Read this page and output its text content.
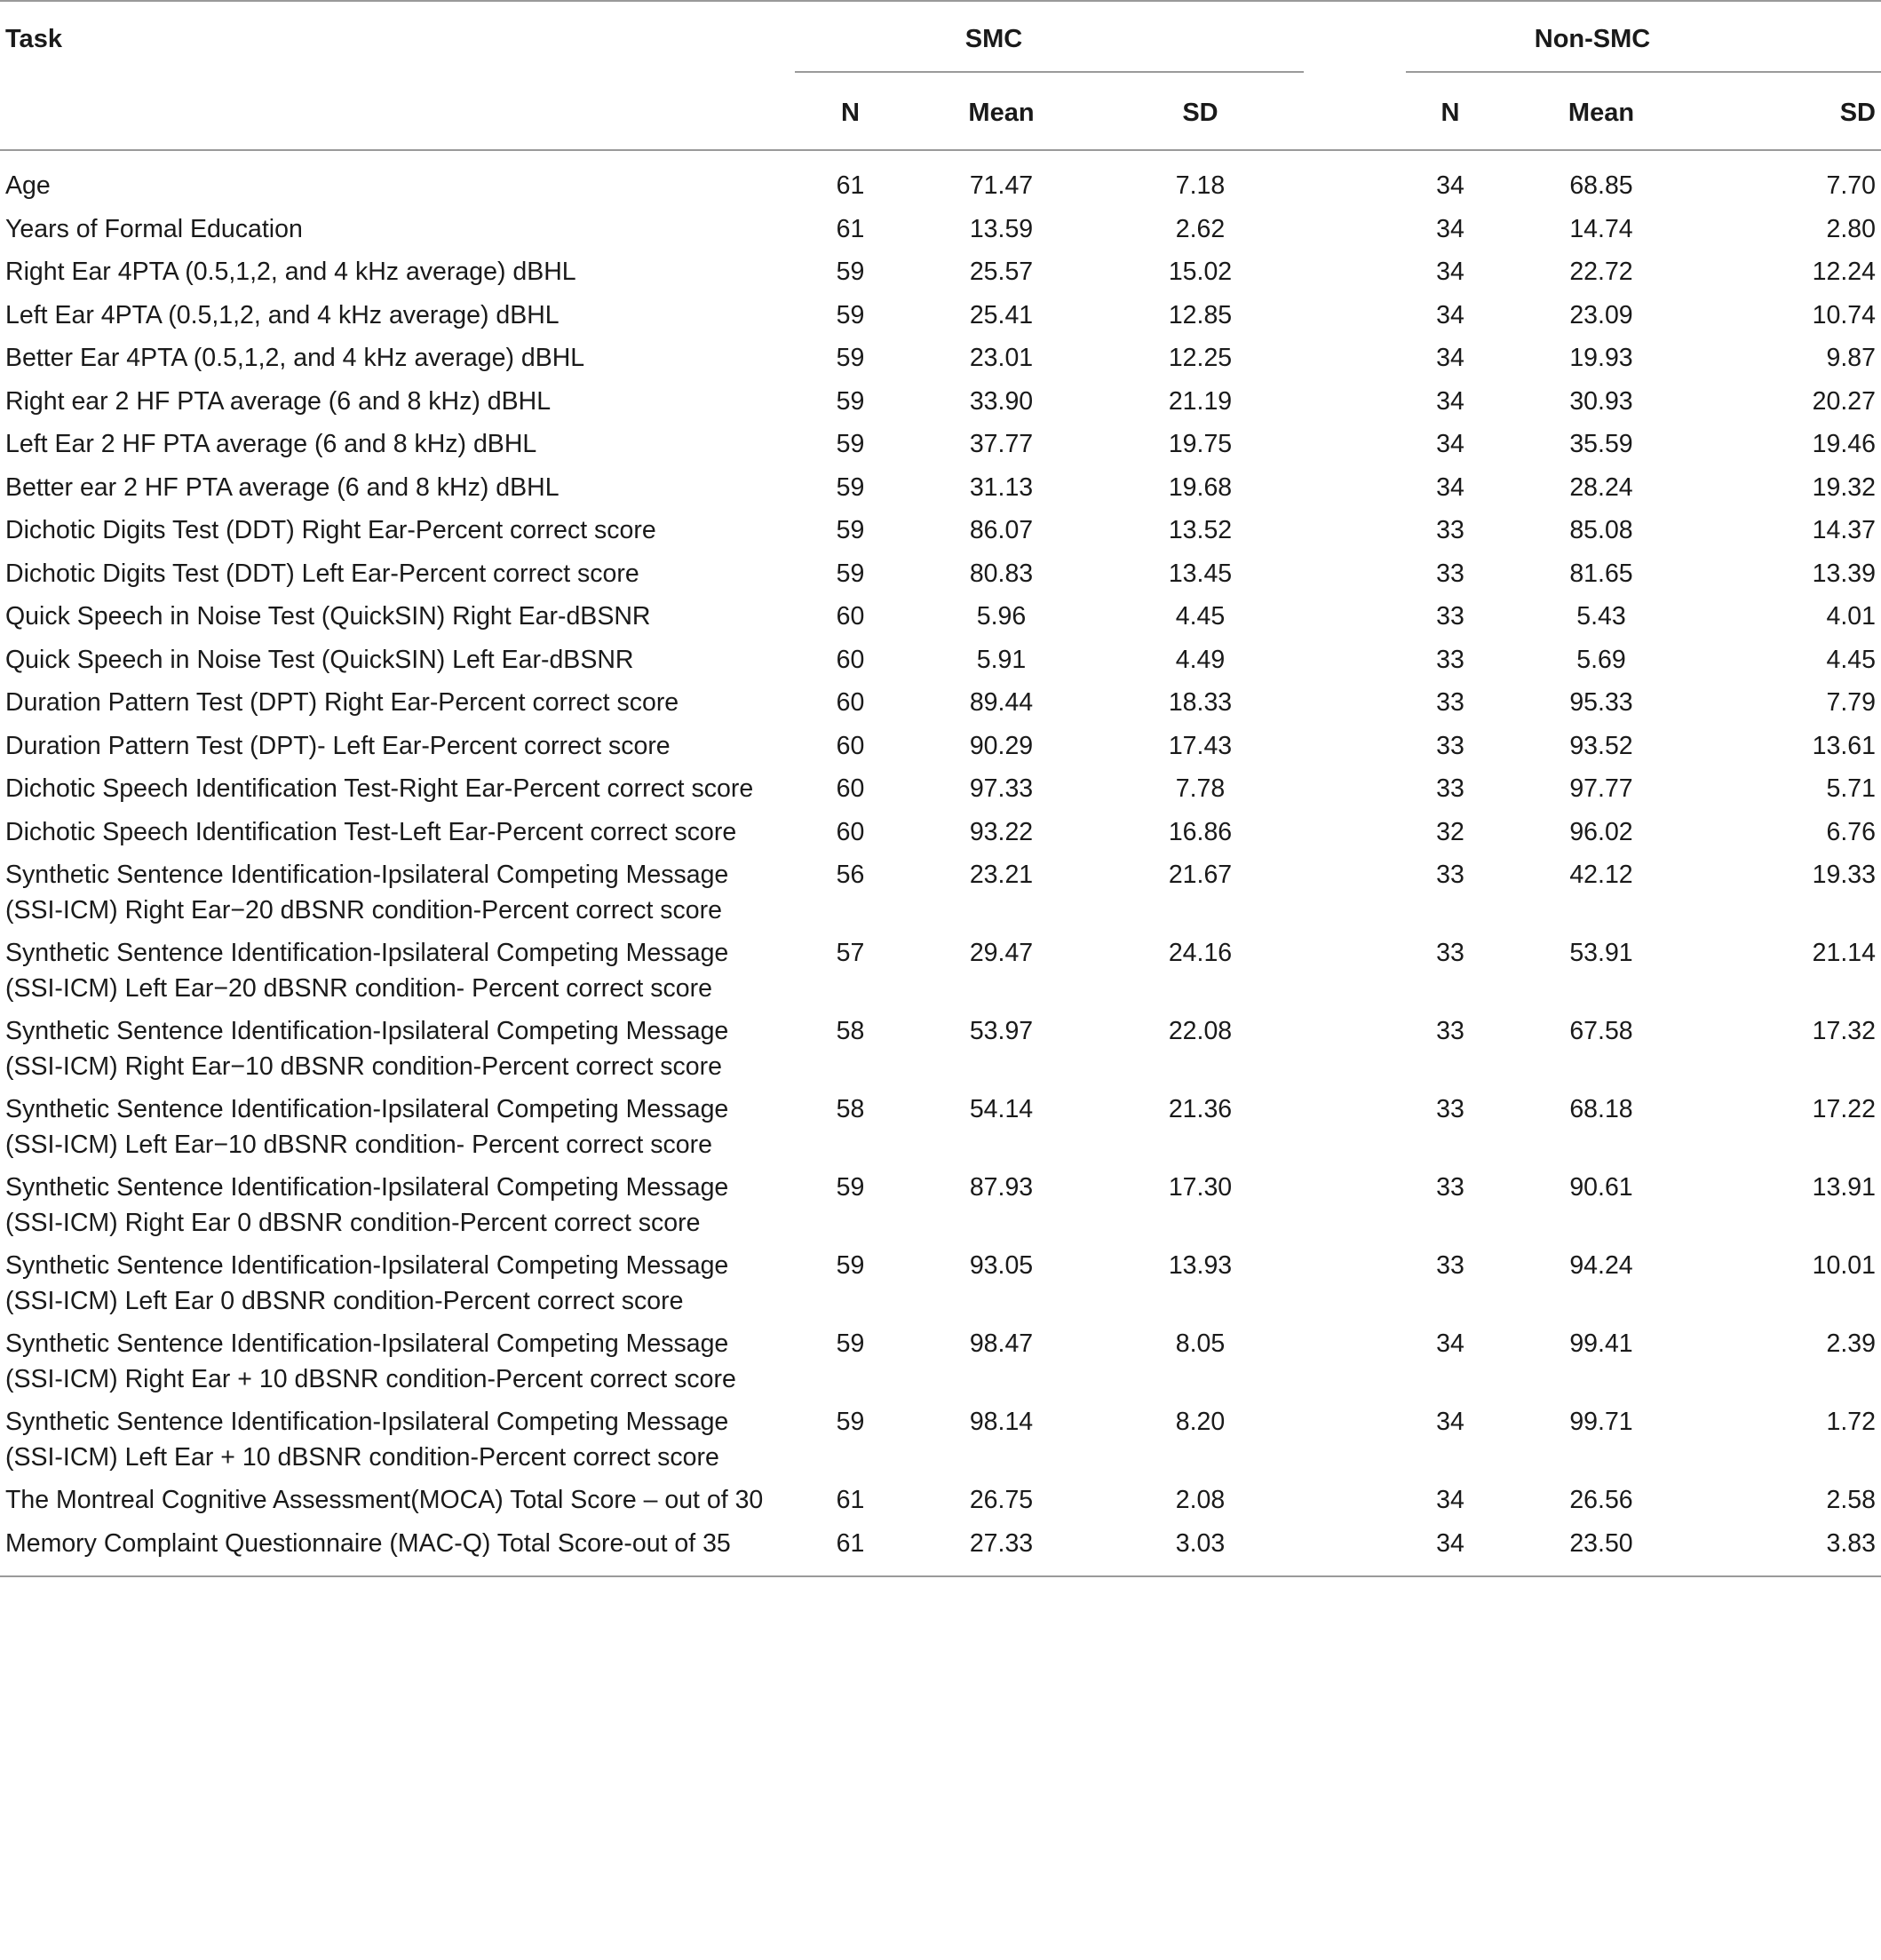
Task	SMC				Non-SMC			

		N	Mean	SD		N	Mean	SD
Age		61	71.47	7.18		34	68.85	7.70
Years of Formal Education		61	13.59	2.62		34	14.74	2.80
Right Ear 4PTA (0.5,1,2, and 4 kHz average) dBHL		59	25.57	15.02		34	22.72	12.24
Left Ear 4PTA (0.5,1,2, and 4 kHz average) dBHL		59	25.41	12.85		34	23.09	10.74
Better Ear 4PTA (0.5,1,2, and 4 kHz average) dBHL		59	23.01	12.25		34	19.93	9.87
Right ear 2 HF PTA average (6 and 8 kHz) dBHL		59	33.90	21.19		34	30.93	20.27
Left Ear 2 HF PTA average (6 and 8 kHz) dBHL		59	37.77	19.75		34	35.59	19.46
Better ear 2 HF PTA average (6 and 8 kHz) dBHL		59	31.13	19.68		34	28.24	19.32
Dichotic Digits Test (DDT) Right Ear-Percent correct score		59	86.07	13.52		33	85.08	14.37
Dichotic Digits Test (DDT) Left Ear-Percent correct score		59	80.83	13.45		33	81.65	13.39
Quick Speech in Noise Test (QuickSIN) Right Ear-dBSNR		60	5.96	4.45		33	5.43	4.01
Quick Speech in Noise Test (QuickSIN) Left Ear-dBSNR		60	5.91	4.49		33	5.69	4.45
Duration Pattern Test (DPT) Right Ear-Percent correct score		60	89.44	18.33		33	95.33	7.79
Duration Pattern Test (DPT)- Left Ear-Percent correct score		60	90.29	17.43		33	93.52	13.61
Dichotic Speech Identification Test-Right Ear-Percent correct score		60	97.33	7.78		33	97.77	5.71
Dichotic Speech Identification Test-Left Ear-Percent correct score		60	93.22	16.86		32	96.02	6.76
Synthetic Sentence Identification-Ipsilateral Competing Message (SSI-ICM) Right Ear−20 dBSNR condition-Percent correct score		56	23.21	21.67		33	42.12	19.33
Synthetic Sentence Identification-Ipsilateral Competing Message (SSI-ICM) Left Ear−20 dBSNR condition- Percent correct score		57	29.47	24.16		33	53.91	21.14
Synthetic Sentence Identification-Ipsilateral Competing Message (SSI-ICM) Right Ear−10 dBSNR condition-Percent correct score		58	53.97	22.08		33	67.58	17.32
Synthetic Sentence Identification-Ipsilateral Competing Message (SSI-ICM) Left Ear−10 dBSNR condition- Percent correct score		58	54.14	21.36		33	68.18	17.22
Synthetic Sentence Identification-Ipsilateral Competing Message (SSI-ICM) Right Ear 0 dBSNR condition-Percent correct score		59	87.93	17.30		33	90.61	13.91
Synthetic Sentence Identification-Ipsilateral Competing Message (SSI-ICM) Left Ear 0 dBSNR condition-Percent correct score		59	93.05	13.93		33	94.24	10.01
Synthetic Sentence Identification-Ipsilateral Competing Message (SSI-ICM) Right Ear + 10 dBSNR condition-Percent correct score		59	98.47	8.05		34	99.41	2.39
Synthetic Sentence Identification-Ipsilateral Competing Message (SSI-ICM) Left Ear + 10 dBSNR condition-Percent correct score		59	98.14	8.20		34	99.71	1.72
The Montreal Cognitive Assessment(MOCA) Total Score – out of 30		61	26.75	2.08		34	26.56	2.58
Memory Complaint Questionnaire (MAC-Q) Total Score-out of 35		61	27.33	3.03		34	23.50	3.83
